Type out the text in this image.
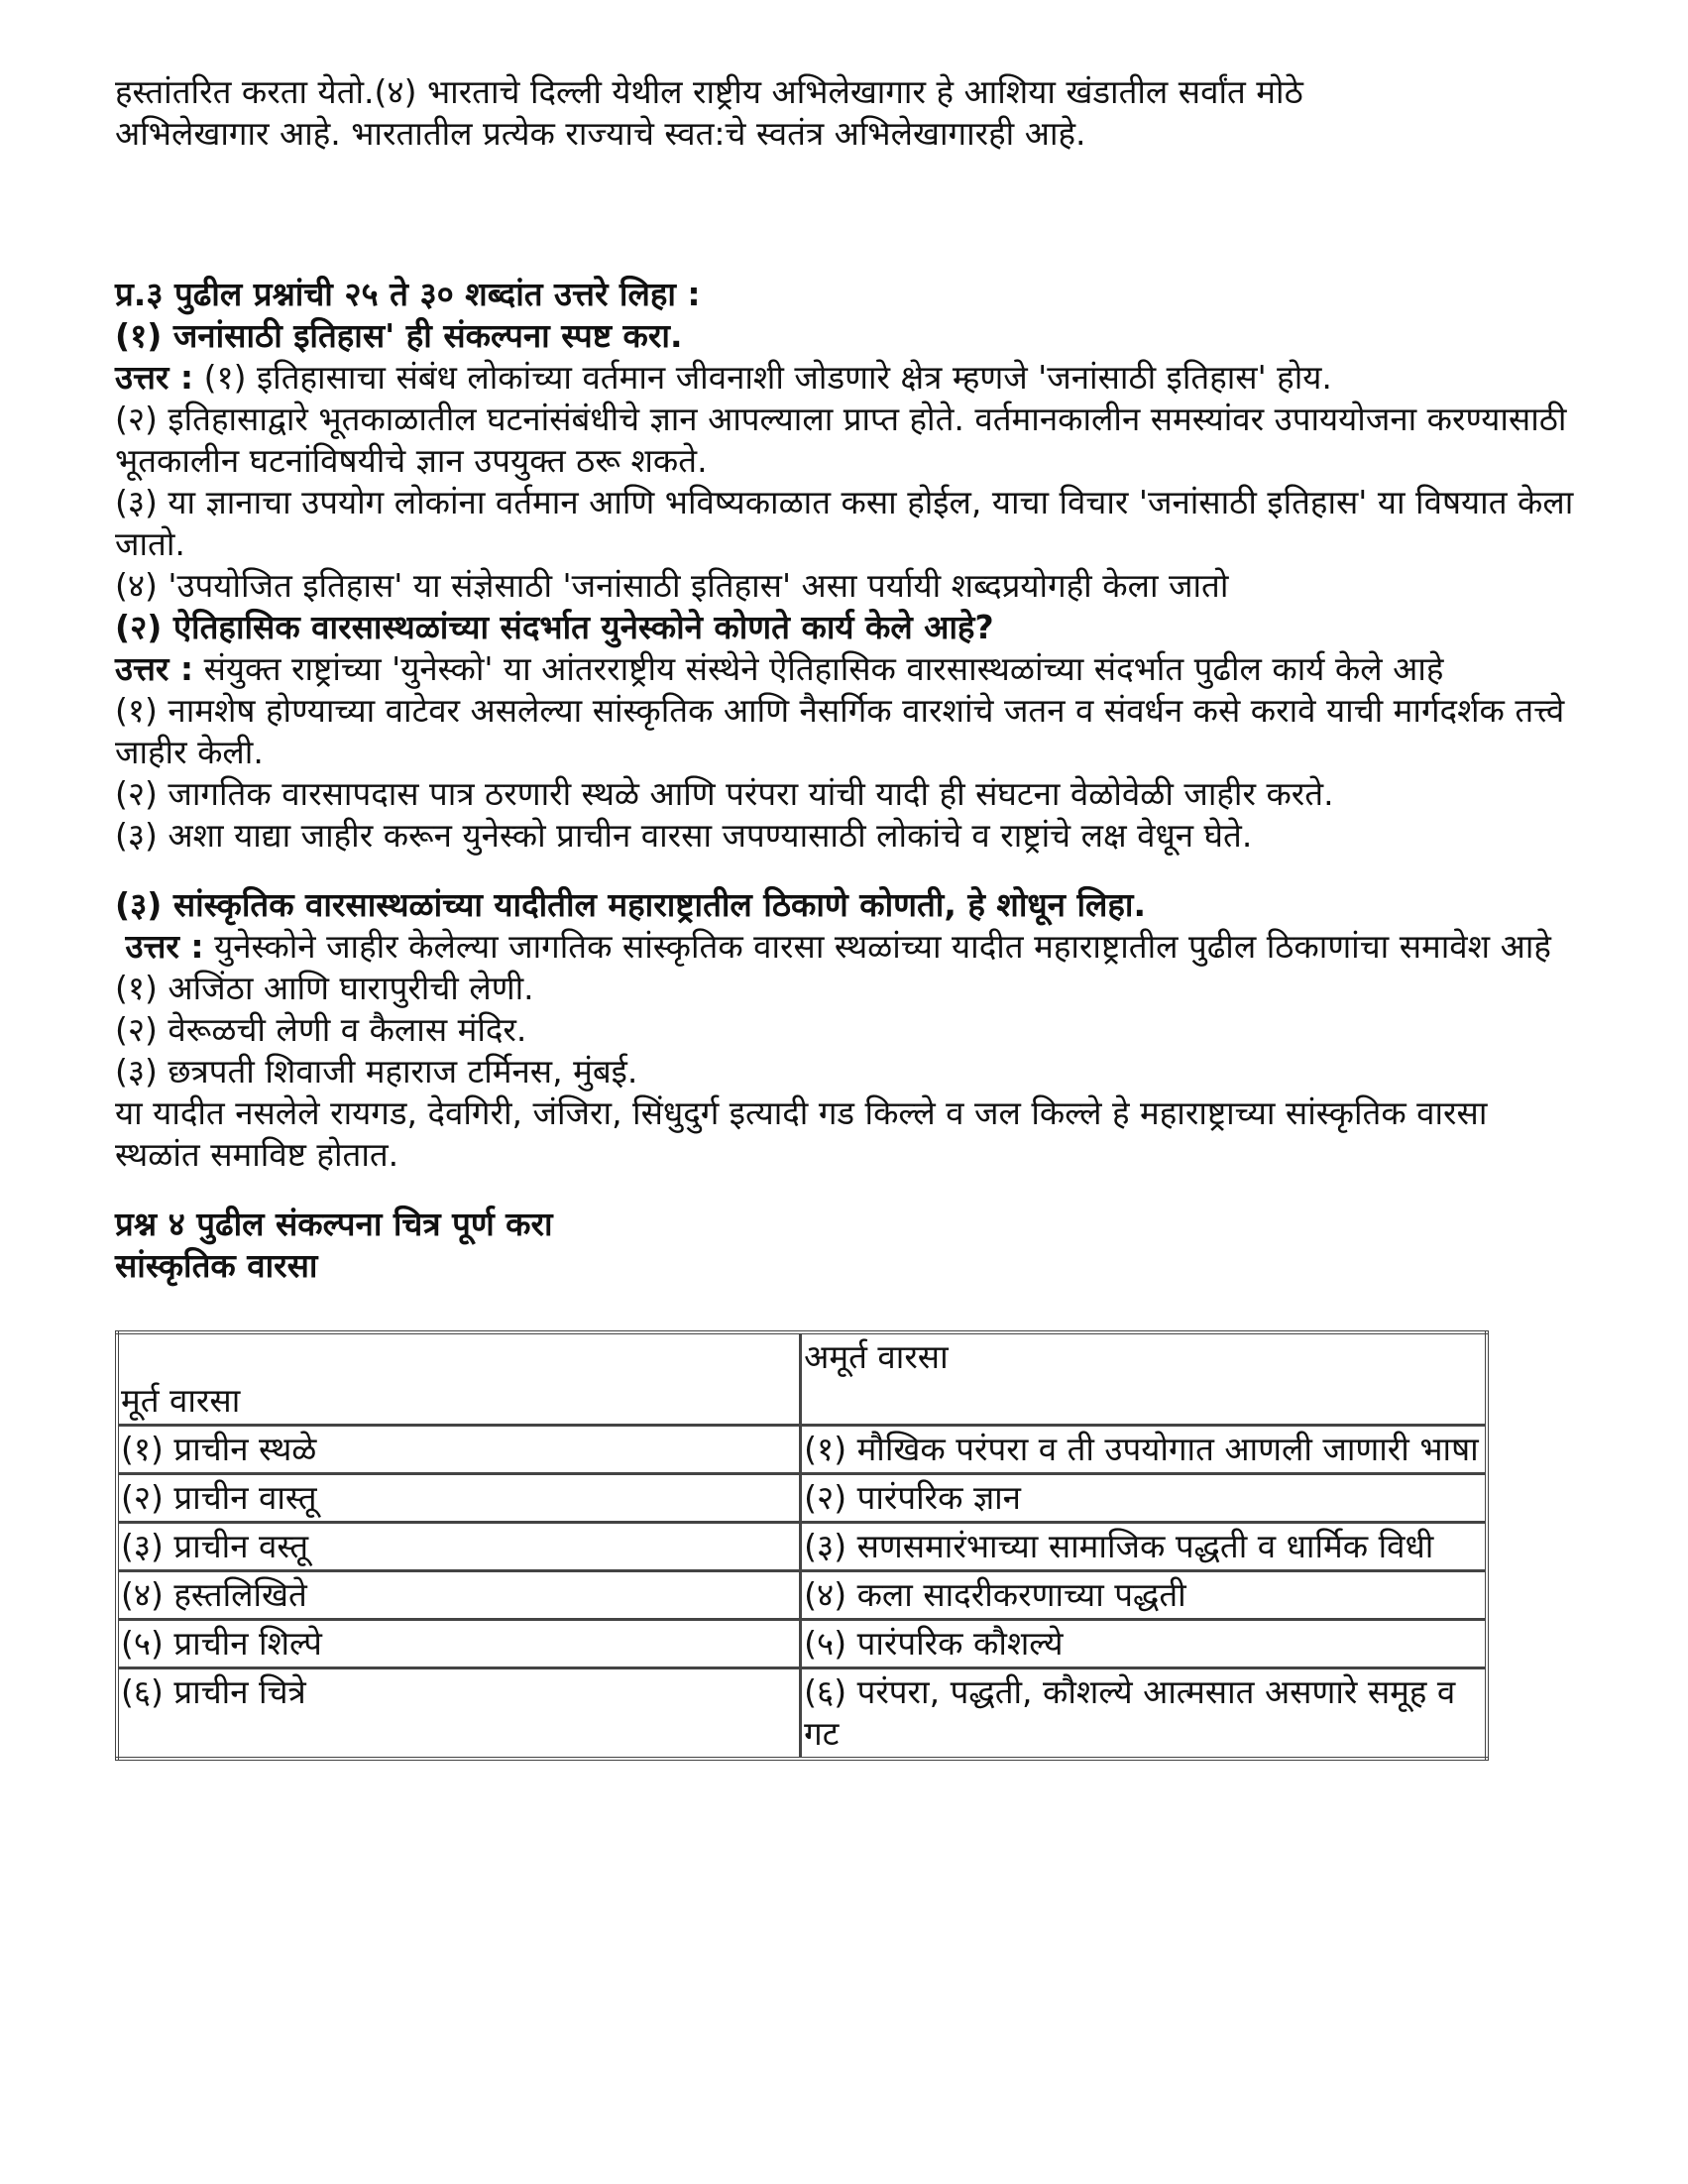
हस्तांतरित करता येतो.(४) भारताचे दिल्ली येथील राष्ट्रीय अभिलेखागार हे आशिया खंडातील सर्वांत मोठे

अभिलेखागार आहे. भारतातील प्रत्येक राज्याचे स्वत:चे स्वतंत्र अभिलेखागारही आहे.

प्र.३ पुढील प्रश्नांची २५ ते ३० शब्दांत उत्तरे लिहा :
(१) जनांसाठी इतिहास' ही संकल्पना स्पष्ट करा.

उत्तर : (१) इतिहासाचा संबंध लोकांच्या वर्तमान जीवनाशी जोडणारे क्षेत्र म्हणजे 'जनांसाठी इतिहास' होय.

(२) इतिहासाद्वारे भूतकाळातील घटनांसंबंधीचे ज्ञान आपल्याला प्राप्त होते. वर्तमानकालीन समस्यांवर उपाययोजना करण्यासाठी भूतकालीन घटनांविषयीचे ज्ञान उपयुक्त ठरू शकते.

(३) या ज्ञानाचा उपयोग लोकांना वर्तमान आणि भविष्यकाळात कसा होईल, याचा विचार 'जनांसाठी इतिहास' या विषयात केला जातो.

(४) 'उपयोजित इतिहास' या संज्ञेसाठी 'जनांसाठी इतिहास' असा पर्यायी शब्दप्रयोगही केला जातो

(२) ऐतिहासिक वारसास्थळांच्या संदर्भात युनेस्कोने कोणते कार्य केले आहे?

उत्तर : संयुक्त राष्ट्रांच्या 'युनेस्को' या आंतरराष्ट्रीय संस्थेने ऐतिहासिक वारसास्थळांच्या संदर्भात पुढील कार्य केले आहे

(१) नामशेष होण्याच्या वाटेवर असलेल्या सांस्कृतिक आणि नैसर्गिक वारशांचे जतन व संवर्धन कसे करावे याची मार्गदर्शक तत्त्वे जाहीर केली.

(२) जागतिक वारसापदास पात्र ठरणारी स्थळे आणि परंपरा यांची यादी ही संघटना वेळोवेळी जाहीर करते.

(३) अशा याद्या जाहीर करून युनेस्को प्राचीन वारसा जपण्यासाठी लोकांचे व राष्ट्रांचे लक्ष वेधून घेते.

(३) सांस्कृतिक वारसास्थळांच्या यादीतील महाराष्ट्रातील ठिकाणे कोणती, हे शोधून लिहा.

उत्तर : युनेस्कोने जाहीर केलेल्या जागतिक सांस्कृतिक वारसा स्थळांच्या यादीत महाराष्ट्रातील पुढील ठिकाणांचा समावेश आहे

(१) अजिंठा आणि घारापुरीची लेणी.

(२) वेरूळची लेणी व कैलास मंदिर.

(३) छत्रपती शिवाजी महाराज टर्मिनस, मुंबई.

या यादीत नसलेले रायगड, देवगिरी, जंजिरा, सिंधुदुर्ग इत्यादी गड किल्ले व जल किल्ले हे महाराष्ट्राच्या सांस्कृतिक वारसा स्थळांत समाविष्ट होतात.

प्रश्न ४ पुढील संकल्पना चित्र पूर्ण करा
सांस्कृतिक वारसा
मूर्त वारसा	अमूर्त वारसा
(१) प्राचीन स्थळे	(१) मौखिक परंपरा व ती उपयोगात आणली जाणारी भाषा
(२) प्राचीन वास्तू	(२) पारंपरिक ज्ञान
(३) प्राचीन वस्तू	(३) सणसमारंभाच्या सामाजिक पद्धती व धार्मिक विधी
(४) हस्तलिखिते	(४) कला सादरीकरणाच्या पद्धती
(५) प्राचीन शिल्पे	(५) पारंपरिक कौशल्ये
(६) प्राचीन चित्रे	(६) परंपरा, पद्धती, कौशल्ये आत्मसात असणारे समूह व गट
